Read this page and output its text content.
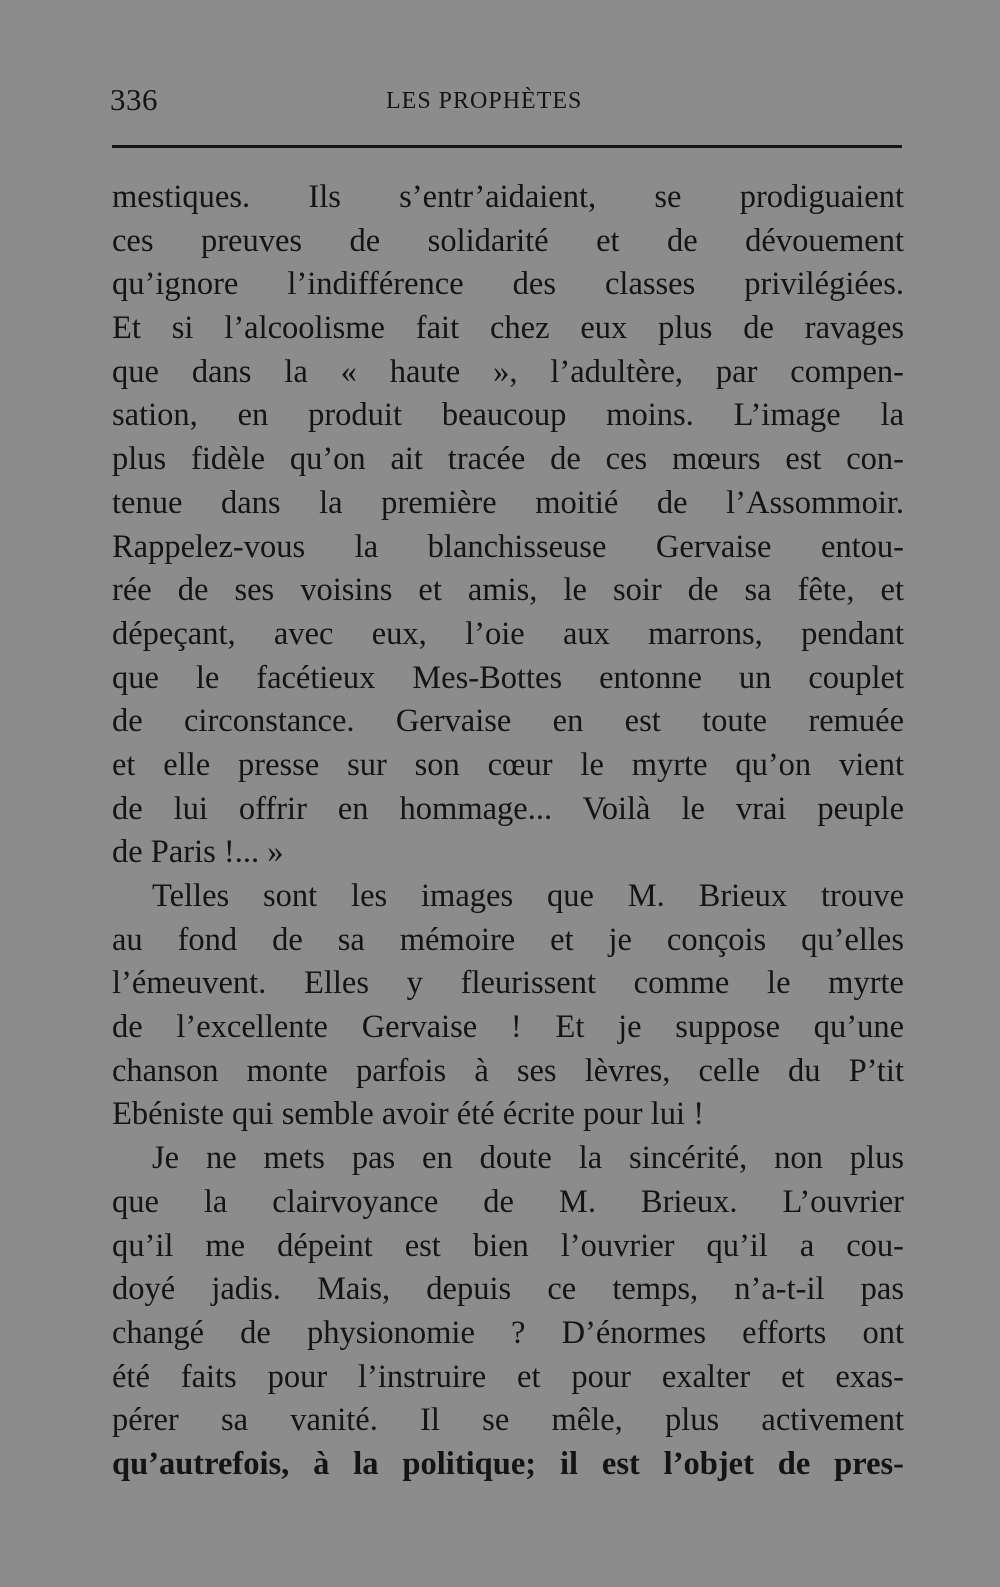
336	LES PROPHÈTES
mestiques. Ils s’entr’aidaient, se prodiguaient
ces preuves de solidarité et de dévouement
qu’ignore l’indifférence des classes privilégiées.
Et si l’alcoolisme fait chez eux plus de ravages
que dans la « haute », l’adultère, par compen-
sation, en produit beaucoup moins. L’image la
plus fidèle qu’on ait tracée de ces mœurs est con-
tenue dans la première moitié de l’Assommoir.
Rappelez-vous la blanchisseuse Gervaise entou-
rée de ses voisins et amis, le soir de sa fête, et
dépeçant, avec eux, l’oie aux marrons, pendant
que le facétieux Mes-Bottes entonne un couplet
de circonstance. Gervaise en est toute remuée
et elle presse sur son cœur le myrte qu’on vient
de lui offrir en hommage... Voilà le vrai peuple
de Paris !... »
Telles sont les images que M. Brieux trouve
au fond de sa mémoire et je conçois qu’elles
l’émeuvent. Elles y fleurissent comme le myrte
de l’excellente Gervaise ! Et je suppose qu’une
chanson monte parfois à ses lèvres, celle du P’tit
Ebéniste qui semble avoir été écrite pour lui !
Je ne mets pas en doute la sincérité, non plus
que la clairvoyance de M. Brieux. L’ouvrier
qu’il me dépeint est bien l’ouvrier qu’il a cou-
doyé jadis. Mais, depuis ce temps, n’a-t-il pas
changé de physionomie ? D’énormes efforts ont
été faits pour l’instruire et pour exalter et exas-
pérer sa vanité. Il se mêle, plus activement
qu’autrefois, à la politique; il est l’objet de pres-
